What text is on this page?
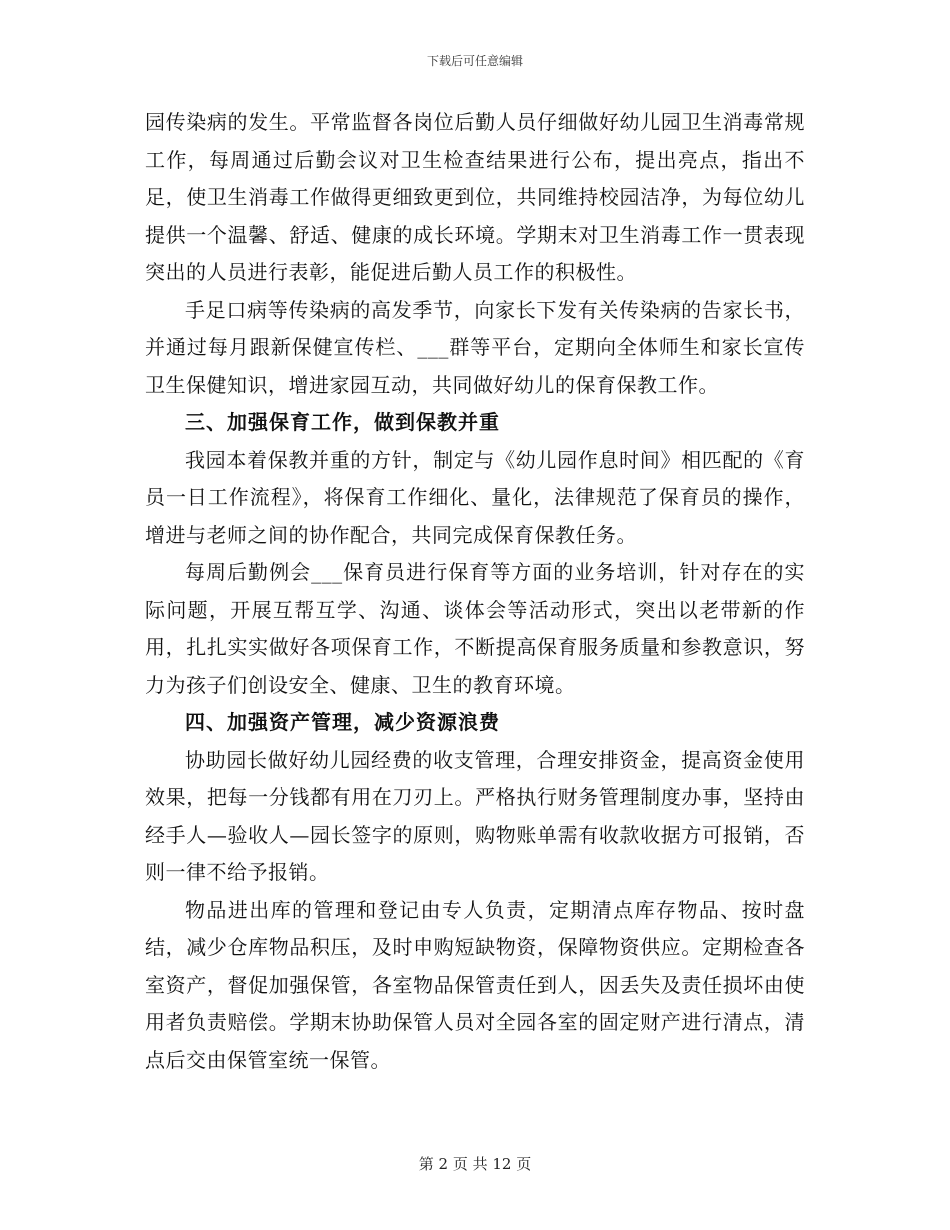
下载后可任意编辑

园传染病的发生。平常监督各岗位后勤人员仔细做好幼儿园卫生消毒常规工作，每周通过后勤会议对卫生检查结果进行公布，提出亮点，指出不足，使卫生消毒工作做得更细致更到位，共同维持校园洁净，为每位幼儿提供一个温馨、舒适、健康的成长环境。学期末对卫生消毒工作一贯表现突出的人员进行表彰，能促进后勤人员工作的积极性。

手足口病等传染病的高发季节，向家长下发有关传染病的告家长书，并通过每月跟新保健宣传栏、___群等平台，定期向全体师生和家长宣传卫生保健知识，增进家园互动，共同做好幼儿的保育保教工作。

三、加强保育工作，做到保教并重

我园本着保教并重的方针，制定与《幼儿园作息时间》相匹配的《育员一日工作流程》，将保育工作细化、量化，法律规范了保育员的操作，增进与老师之间的协作配合，共同完成保育保教任务。

每周后勤例会___保育员进行保育等方面的业务培训，针对存在的实际问题，开展互帮互学、沟通、谈体会等活动形式，突出以老带新的作用，扎扎实实做好各项保育工作，不断提高保育服务质量和参教意识，努力为孩子们创设安全、健康、卫生的教育环境。

四、加强资产管理，减少资源浪费

协助园长做好幼儿园经费的收支管理，合理安排资金，提高资金使用效果，把每一分钱都有用在刀刃上。严格执行财务管理制度办事，坚持由经手人—验收人—园长签字的原则，购物账单需有收款收据方可报销，否则一律不给予报销。

物品进出库的管理和登记由专人负责，定期清点库存物品、按时盘结，减少仓库物品积压，及时申购短缺物资，保障物资供应。定期检查各室资产，督促加强保管，各室物品保管责任到人，因丢失及责任损坏由使用者负责赔偿。学期末协助保管人员对全园各室的固定财产进行清点，清点后交由保管室统一保管。

第 2 页 共 12 页
